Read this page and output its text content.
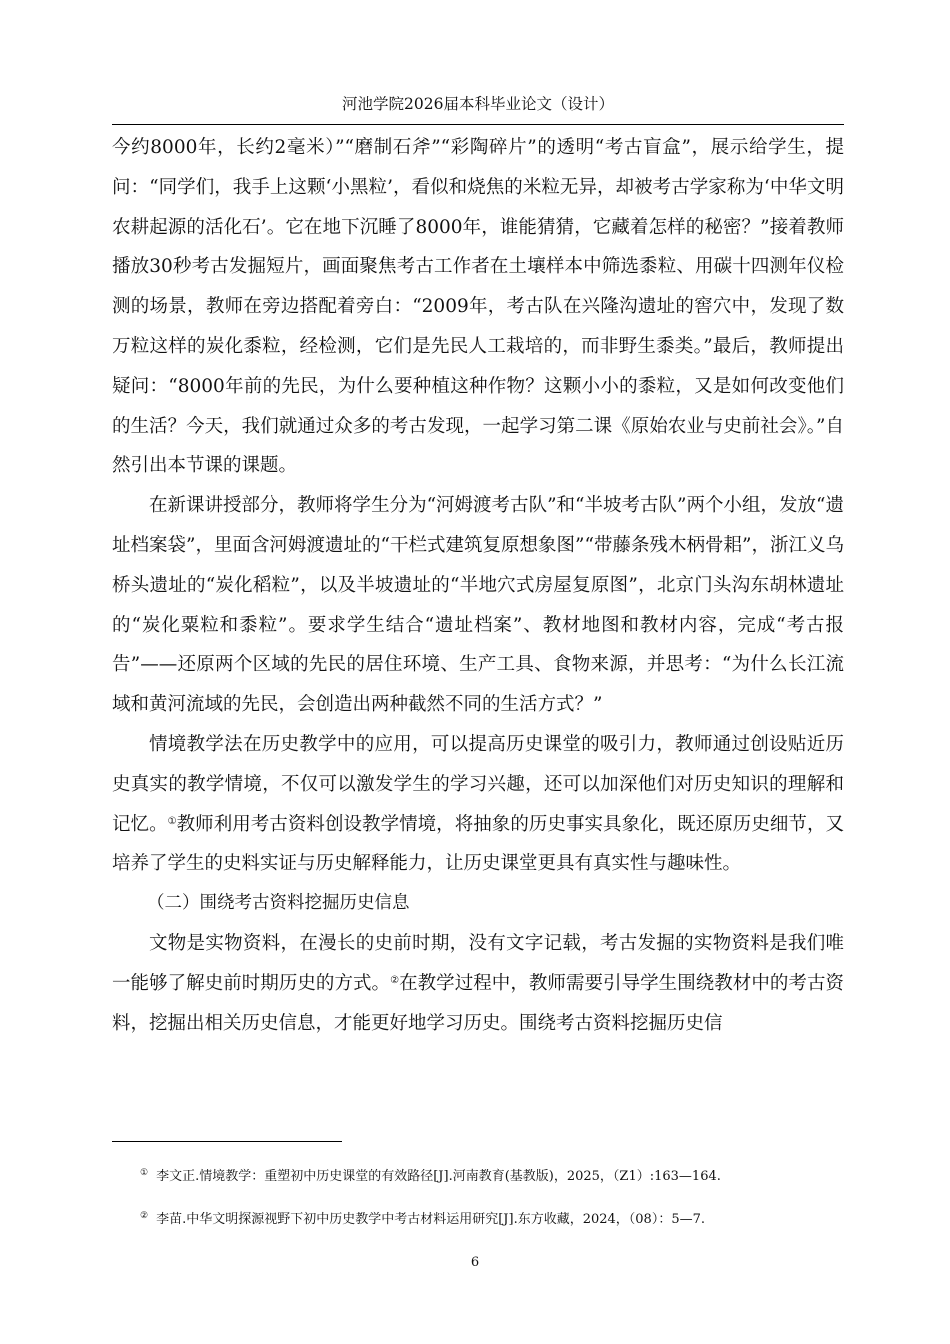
河池学院2026届本科毕业论文（设计）

今约8000年，长约2毫米）”“磨制石斧”“彩陶碎片”的透明“考古盲盒”，展示给学生，提问：“同学们，我手上这颗‘小黑粒’，看似和烧焦的米粒无异，却被考古学家称为‘中华文明农耕起源的活化石’。它在地下沉睡了8000年，谁能猜猜，它藏着怎样的秘密？”接着教师播放30秒考古发掘短片，画面聚焦考古工作者在土壤样本中筛选黍粒、用碳十四测年仪检测的场景，教师在旁边搭配着旁白：“2009年，考古队在兴隆沟遗址的窖穴中，发现了数万粒这样的炭化黍粒，经检测，它们是先民人工栽培的，而非野生黍类。”最后，教师提出疑问：“8000年前的先民，为什么要种植这种作物？这颗小小的黍粒，又是如何改变他们的生活？今天，我们就通过众多的考古发现，一起学习第二课《原始农业与史前社会》。”自然引出本节课的课题。

在新课讲授部分，教师将学生分为“河姆渡考古队”和“半坡考古队”两个小组，发放“遗址档案袋”，里面含河姆渡遗址的“干栏式建筑复原想象图”“带藤条残木柄骨耜”，浙江义乌桥头遗址的“炭化稻粒”，以及半坡遗址的“半地穴式房屋复原图”，北京门头沟东胡林遗址的“炭化粟粒和黍粒”。要求学生结合“遗址档案”、教材地图和教材内容，完成“考古报告”——还原两个区域的先民的居住环境、生产工具、食物来源，并思考：“为什么长江流域和黄河流域的先民，会创造出两种截然不同的生活方式？”

情境教学法在历史教学中的应用，可以提高历史课堂的吸引力，教师通过创设贴近历史真实的教学情境，不仅可以激发学生的学习兴趣，还可以加深他们对历史知识的理解和记忆。①教师利用考古资料创设教学情境，将抽象的历史事实具象化，既还原历史细节，又培养了学生的史料实证与历史解释能力，让历史课堂更具有真实性与趣味性。

（二）围绕考古资料挖掘历史信息

文物是实物资料，在漫长的史前时期，没有文字记载，考古发掘的实物资料是我们唯一能够了解史前时期历史的方式。②在教学过程中，教师需要引导学生围绕教材中的考古资料，挖掘出相关历史信息，才能更好地学习历史。围绕考古资料挖掘历史信

① 李文正.情境教学：重塑初中历史课堂的有效路径[J].河南教育(基教版)，2025，（Z1）:163—164.
② 李苗.中华文明探源视野下初中历史教学中考古材料运用研究[J].东方收藏，2024，（08）：5—7.
6
